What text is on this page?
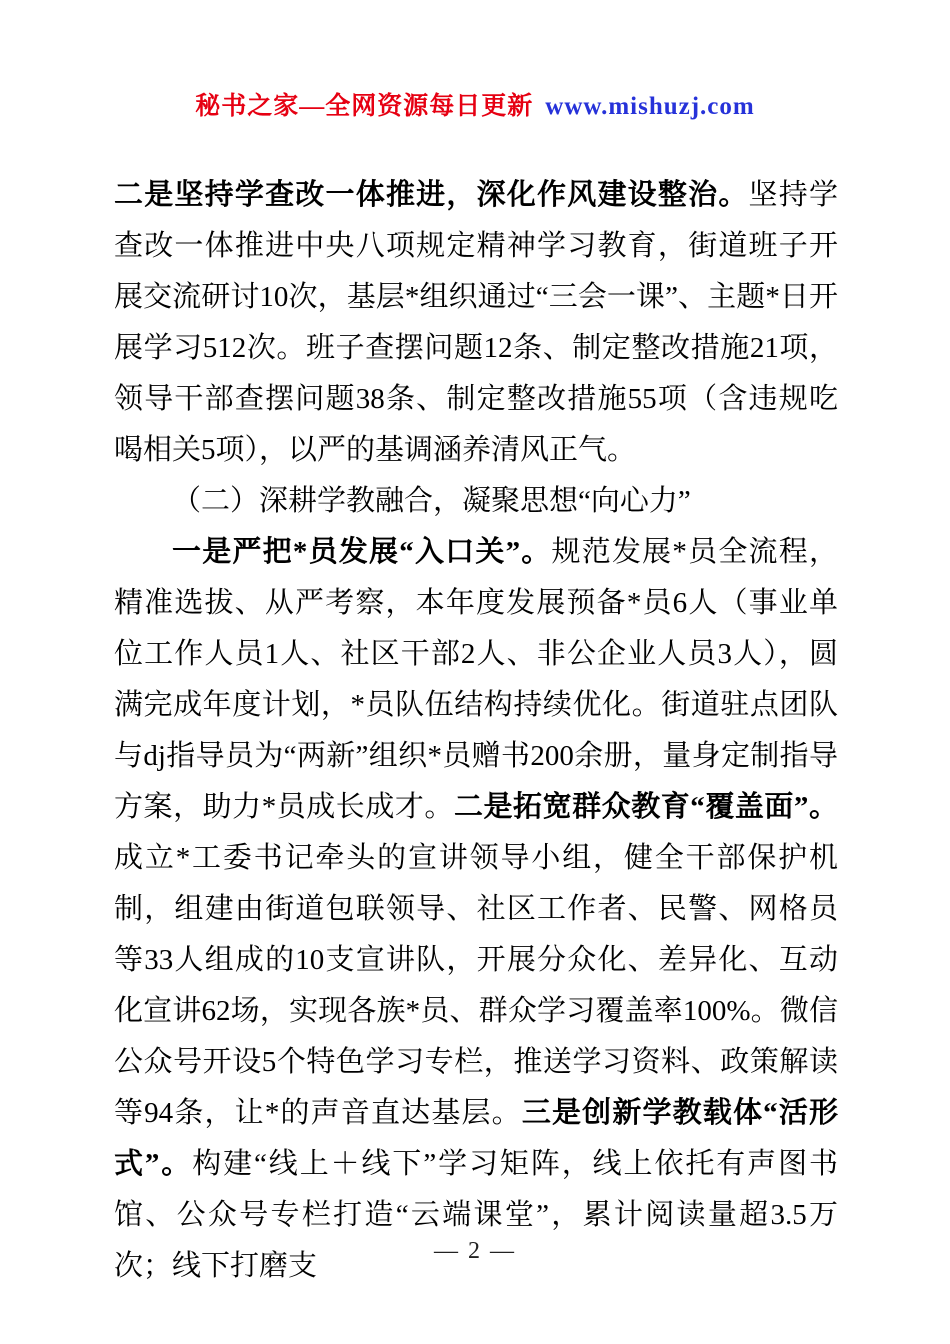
秘书之家—全网资源每日更新 www.mishuzj.com

二是坚持学查改一体推进，深化作风建设整治。坚持学查改一体推进中央八项规定精神学习教育，街道班子开展交流研讨10次，基层*组织通过“三会一课”、主题*日开展学习512次。班子查摆问题12条、制定整改措施21项，领导干部查摆问题38条、制定整改措施55项（含违规吃喝相关5项），以严的基调涵养清风正气。

（二）深耕学教融合，凝聚思想“向心力”

一是严把*员发展“入口关”。规范发展*员全流程，精准选拔、从严考察，本年度发展预备*员6人（事业单位工作人员1人、社区干部2人、非公企业人员3人），圆满完成年度计划，*员队伍结构持续优化。街道驻点团队与dj指导员为“两新”组织*员赠书200余册，量身定制指导方案，助力*员成长成才。二是拓宽群众教育“覆盖面”。成立*工委书记牵头的宣讲领导小组，健全干部保护机制，组建由街道包联领导、社区工作者、民警、网格员等33人组成的10支宣讲队，开展分众化、差异化、互动化宣讲62场，实现各族*员、群众学习覆盖率100%。微信公众号开设5个特色学习专栏，推送学习资料、政策解读等94条，让*的声音直达基层。三是创新学教载体“活形式”。构建“线上＋线下”学习矩阵，线上依托有声图书馆、公众号专栏打造“云端课堂”，累计阅读量超3.5万次；线下打磨支	— 2 —
